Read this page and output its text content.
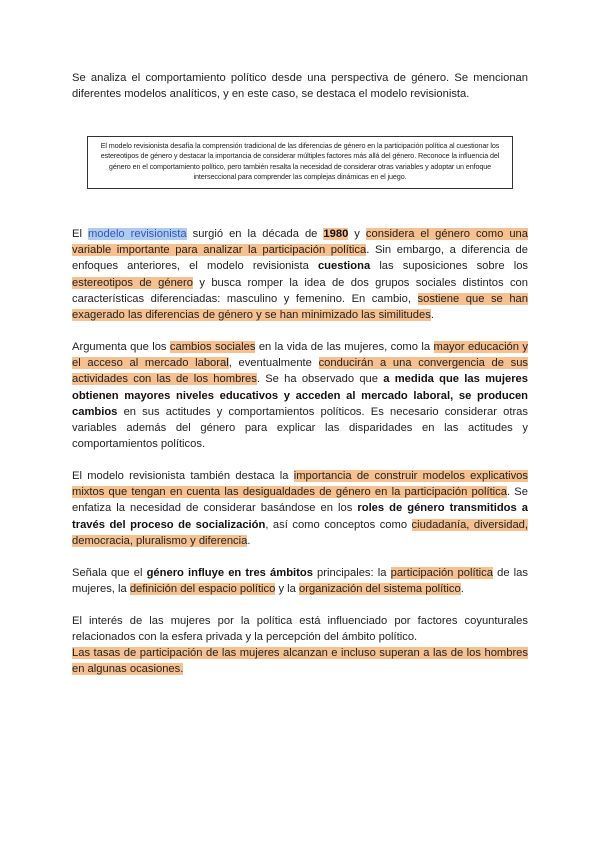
Se analiza el comportamiento político desde una perspectiva de género. Se mencionan diferentes modelos analíticos, y en este caso, se destaca el modelo revisionista.

El modelo revisionista desafía la comprensión tradicional de las diferencias de género en la participación política al cuestionar los estereotipos de género y destacar la importancia de considerar múltiples factores más allá del género. Reconoce la influencia del género en el comportamiento político, pero también resalta la necesidad de considerar otras variables y adoptar un enfoque interseccional para comprender las complejas dinámicas en el juego.

El modelo revisionista surgió en la década de 1980 y considera el género como una variable importante para analizar la participación política. Sin embargo, a diferencia de enfoques anteriores, el modelo revisionista cuestiona las suposiciones sobre los estereotipos de género y busca romper la idea de dos grupos sociales distintos con características diferenciadas: masculino y femenino. En cambio, sostiene que se han exagerado las diferencias de género y se han minimizado las similitudes.

Argumenta que los cambios sociales en la vida de las mujeres, como la mayor educación y el acceso al mercado laboral, eventualmente conducirán a una convergencia de sus actividades con las de los hombres. Se ha observado que a medida que las mujeres obtienen mayores niveles educativos y acceden al mercado laboral, se producen cambios en sus actitudes y comportamientos políticos. Es necesario considerar otras variables además del género para explicar las disparidades en las actitudes y comportamientos políticos.

El modelo revisionista también destaca la importancia de construir modelos explicativos mixtos que tengan en cuenta las desigualdades de género en la participación política. Se enfatiza la necesidad de considerar basándose en los roles de género transmitidos a través del proceso de socialización, así como conceptos como ciudadanía, diversidad, democracia, pluralismo y diferencia.

Señala que el género influye en tres ámbitos principales: la participación política de las mujeres, la definición del espacio político y la organización del sistema político.

El interés de las mujeres por la política está influenciado por factores coyunturales relacionados con la esfera privada y la percepción del ámbito político.

Las tasas de participación de las mujeres alcanzan e incluso superan a las de los hombres en algunas ocasiones.
